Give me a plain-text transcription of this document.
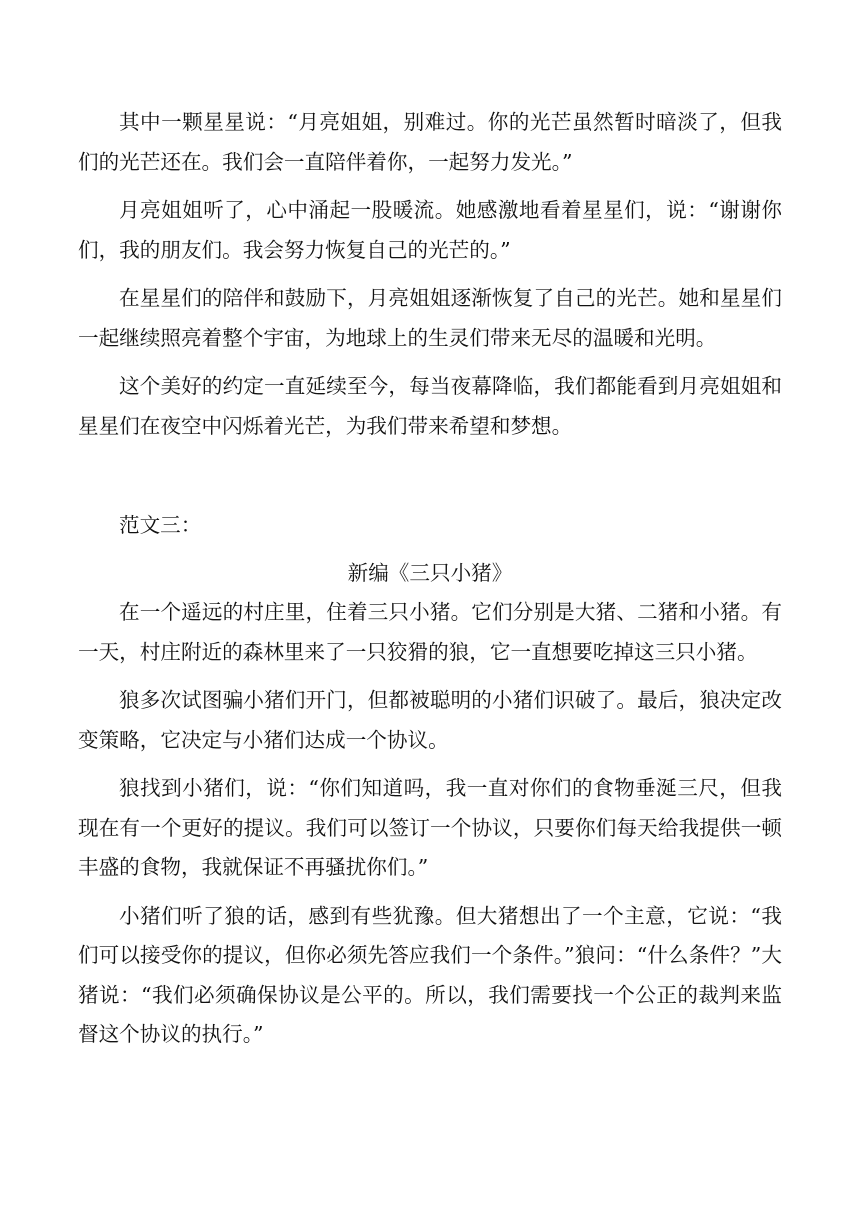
其中一颗星星说：“月亮姐姐，别难过。你的光芒虽然暂时暗淡了，但我们的光芒还在。我们会一直陪伴着你，一起努力发光。”

月亮姐姐听了，心中涌起一股暖流。她感激地看着星星们，说：“谢谢你们，我的朋友们。我会努力恢复自己的光芒的。”

在星星们的陪伴和鼓励下，月亮姐姐逐渐恢复了自己的光芒。她和星星们一起继续照亮着整个宇宙，为地球上的生灵们带来无尽的温暖和光明。

这个美好的约定一直延续至今，每当夜幕降临，我们都能看到月亮姐姐和星星们在夜空中闪烁着光芒，为我们带来希望和梦想。

范文三：

新编《三只小猪》

在一个遥远的村庄里，住着三只小猪。它们分别是大猪、二猪和小猪。有一天，村庄附近的森林里来了一只狡猾的狼，它一直想要吃掉这三只小猪。

狼多次试图骗小猪们开门，但都被聪明的小猪们识破了。最后，狼决定改变策略，它决定与小猪们达成一个协议。

狼找到小猪们，说：“你们知道吗，我一直对你们的食物垂涎三尺，但我现在有一个更好的提议。我们可以签订一个协议，只要你们每天给我提供一顿丰盛的食物，我就保证不再骚扰你们。”

小猪们听了狼的话，感到有些犹豫。但大猪想出了一个主意，它说：“我们可以接受你的提议，但你必须先答应我们一个条件。”狼问：“什么条件？”大猪说：“我们必须确保协议是公平的。所以，我们需要找一个公正的裁判来监督这个协议的执行。”
